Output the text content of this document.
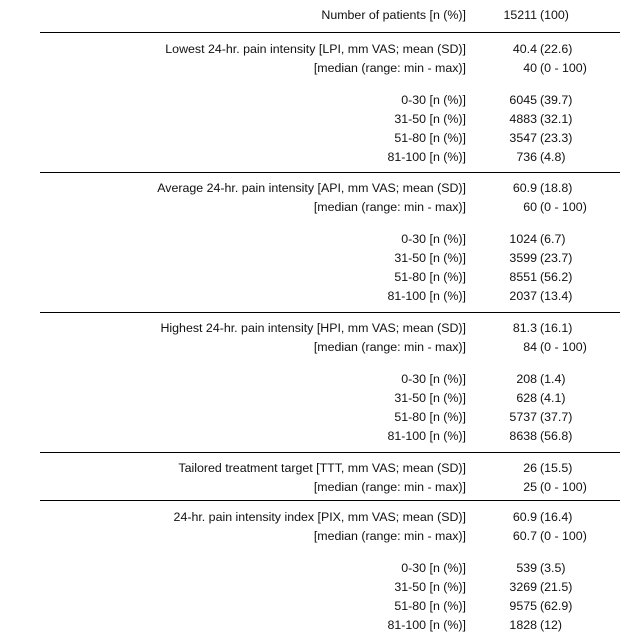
Number of patients [n (%)]	15211 (100)
Lowest 24-hr. pain intensity [LPI, mm VAS; mean (SD)]	40.4 (22.6)
[median (range: min - max)]	40 (0 - 100)
0-30 [n (%)]	6045 (39.7)
31-50 [n (%)]	4883 (32.1)
51-80 [n (%)]	3547 (23.3)
81-100 [n (%)]	736 (4.8)
Average 24-hr. pain intensity [API, mm VAS; mean (SD)]	60.9 (18.8)
[median (range: min - max)]	60 (0 - 100)
0-30 [n (%)]	1024 (6.7)
31-50 [n (%)]	3599 (23.7)
51-80 [n (%)]	8551 (56.2)
81-100 [n (%)]	2037 (13.4)
Highest 24-hr. pain intensity [HPI, mm VAS; mean (SD)]	81.3 (16.1)
[median (range: min - max)]	84 (0 - 100)
0-30 [n (%)]	208 (1.4)
31-50 [n (%)]	628 (4.1)
51-80 [n (%)]	5737 (37.7)
81-100 [n (%)]	8638 (56.8)
Tailored treatment target [TTT, mm VAS; mean (SD)]	26 (15.5)
[median (range: min - max)]	25 (0 - 100)
24-hr. pain intensity index [PIX, mm VAS; mean (SD)]	60.9 (16.4)
[median (range: min - max)]	60.7 (0 - 100)
0-30 [n (%)]	539 (3.5)
31-50 [n (%)]	3269 (21.5)
51-80 [n (%)]	9575 (62.9)
81-100 [n (%)]	1828 (12)
